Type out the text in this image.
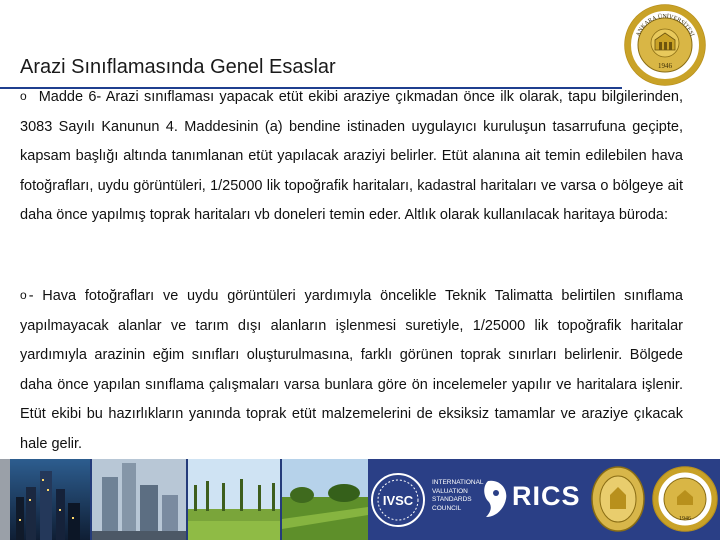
Arazi Sınıflamasında Genel Esaslar	1946
ANKARA ÜNİVERSİTESİ
o Madde 6- Arazi sınıflaması yapacak etüt ekibi araziye çıkmadan önce ilk olarak, tapu bilgilerinden, 3083 Sayılı Kanunun 4. Maddesinin (a) bendine istinaden uygulayıcı kuruluşun tasarrufuna geçipte, kapsam başlığı altında tanımlanan etüt yapılacak araziyi belirler. Etüt alanına ait temin edilebilen hava fotoğrafları, uydu görüntüleri, 1/25000 lik topoğrafik haritaları, kadastral haritaları ve varsa o bölgeye ait daha önce yapılmış toprak haritaları vb doneleri temin eder. Altlık olarak kullanılacak haritaya büroda:
o - Hava fotoğrafları ve uydu görüntüleri yardımıyla öncelikle Teknik Talimatta belirtilen sınıflama yapılmayacak alanlar ve tarım dışı alanların işlenmesi suretiyle, 1/25000 lik topoğrafik haritalar yardımıyla arazinin eğim sınıfları oluşturulmasına, farklı görünen toprak sınırları belirlenir. Bölgede daha önce yapılan sınıflama çalışmaları varsa bunlara göre ön incelemeler yapılır ve haritalara işlenir. Etüt ekibi bu hazırlıkların yanında toprak etüt malzemelerini de eksiksiz tamamlar ve araziye çıkacak hale gelir.
IVSC
INTERNATIONAL
VALUATION
STANDARDS
COUNCIL	RICS
1946
